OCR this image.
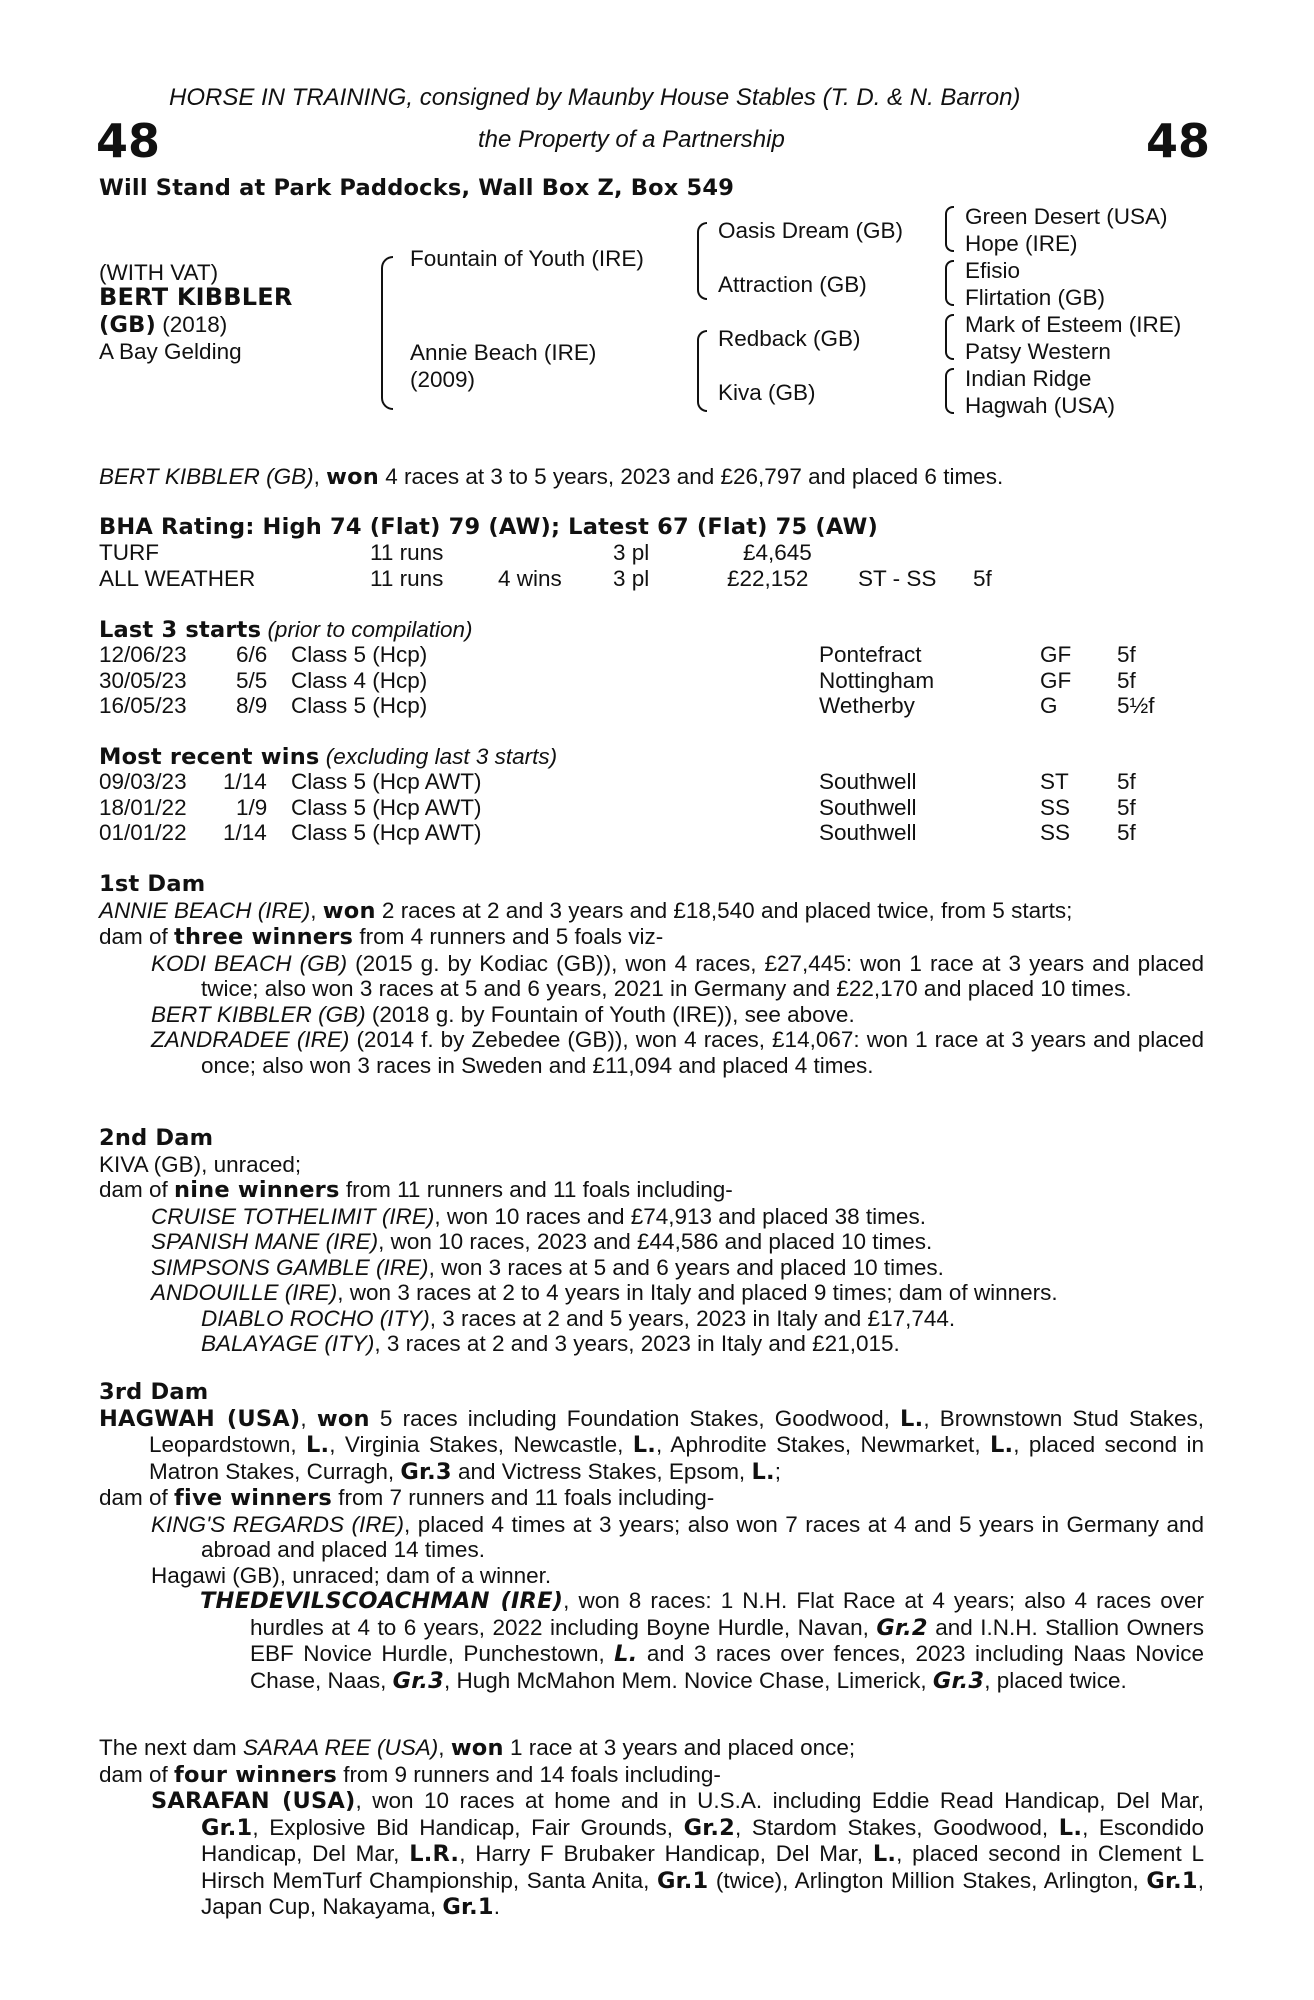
HORSE IN TRAINING, consigned by Maunby House Stables (T. D. & N. Barron)
48	the Property of a Partnership	48
Will Stand at Park Paddocks, Wall Box Z, Box 549
(WITH VAT)
BERT KIBBLER
(GB) (2018)
A Bay Gelding
Fountain of Youth (IRE)
Annie Beach (IRE)
(2009)
Oasis Dream (GB)
Attraction (GB)
Redback (GB)
Kiva (GB)
Green Desert (USA)
Hope (IRE)
Efisio
Flirtation (GB)
Mark of Esteem (IRE)
Patsy Western
Indian Ridge
Hagwah (USA)
BERT KIBBLER (GB), won 4 races at 3 to 5 years, 2023 and £26,797 and placed 6 times.
BHA Rating: High 74 (Flat) 79 (AW); Latest 67 (Flat) 75 (AW)
TURF	11 runs	3 pl	£4,645
ALL WEATHER	11 runs 4 wins 3 pl	£22,152 ST - SS 5f
Last 3 starts (prior to compilation)
12/06/23 6/6 Class 5 (Hcp)	Pontefract	GF 5f
30/05/23 5/5 Class 4 (Hcp)	Nottingham	GF 5f
16/05/23 8/9 Class 5 (Hcp)	Wetherby	G	5½f
Most recent wins (excluding last 3 starts)
09/03/23 1/14 Class 5 (Hcp AWT)	Southwell	ST 5f
18/01/22 1/9 Class 5 (Hcp AWT)	Southwell	SS 5f
01/01/22 1/14 Class 5 (Hcp AWT)	Southwell	SS 5f
1st Dam
ANNIE BEACH (IRE), won 2 races at 2 and 3 years and £18,540 and placed twice, from 5 starts;
dam of three winners from 4 runners and 5 foals viz-
KODI BEACH (GB) (2015 g. by Kodiac (GB)), won 4 races, £27,445: won 1 race at 3 years and placed twice; also won 3 races at 5 and 6 years, 2021 in Germany and £22,170 and placed 10 times.
BERT KIBBLER (GB) (2018 g. by Fountain of Youth (IRE)), see above.
ZANDRADEE (IRE) (2014 f. by Zebedee (GB)), won 4 races, £14,067: won 1 race at 3 years and placed once; also won 3 races in Sweden and £11,094 and placed 4 times.
2nd Dam
KIVA (GB), unraced;
dam of nine winners from 11 runners and 11 foals including-
CRUISE TOTHELIMIT (IRE), won 10 races and £74,913 and placed 38 times.
SPANISH MANE (IRE), won 10 races, 2023 and £44,586 and placed 10 times.
SIMPSONS GAMBLE (IRE), won 3 races at 5 and 6 years and placed 10 times.
ANDOUILLE (IRE), won 3 races at 2 to 4 years in Italy and placed 9 times; dam of winners.
DIABLO ROCHO (ITY), 3 races at 2 and 5 years, 2023 in Italy and £17,744.
BALAYAGE (ITY), 3 races at 2 and 3 years, 2023 in Italy and £21,015.
3rd Dam
HAGWAH (USA), won 5 races including Foundation Stakes, Goodwood, L., Brownstown Stud Stakes, Leopardstown, L., Virginia Stakes, Newcastle, L., Aphrodite Stakes, Newmarket, L., placed second in Matron Stakes, Curragh, Gr.3 and Victress Stakes, Epsom, L.;
dam of five winners from 7 runners and 11 foals including-
KING'S REGARDS (IRE), placed 4 times at 3 years; also won 7 races at 4 and 5 years in Germany and abroad and placed 14 times.
Hagawi (GB), unraced; dam of a winner.
THEDEVILSCOACHMAN (IRE), won 8 races: 1 N.H. Flat Race at 4 years; also 4 races over hurdles at 4 to 6 years, 2022 including Boyne Hurdle, Navan, Gr.2 and I.N.H. Stallion Owners EBF Novice Hurdle, Punchestown, L. and 3 races over fences, 2023 including Naas Novice Chase, Naas, Gr.3, Hugh McMahon Mem. Novice Chase, Limerick, Gr.3, placed twice.
The next dam SARAA REE (USA), won 1 race at 3 years and placed once;
dam of four winners from 9 runners and 14 foals including-
SARAFAN (USA), won 10 races at home and in U.S.A. including Eddie Read Handicap, Del Mar, Gr.1, Explosive Bid Handicap, Fair Grounds, Gr.2, Stardom Stakes, Goodwood, L., Escondido Handicap, Del Mar, L.R., Harry F Brubaker Handicap, Del Mar, L., placed second in Clement L Hirsch MemTurf Championship, Santa Anita, Gr.1 (twice), Arlington Million Stakes, Arlington, Gr.1, Japan Cup, Nakayama, Gr.1.
